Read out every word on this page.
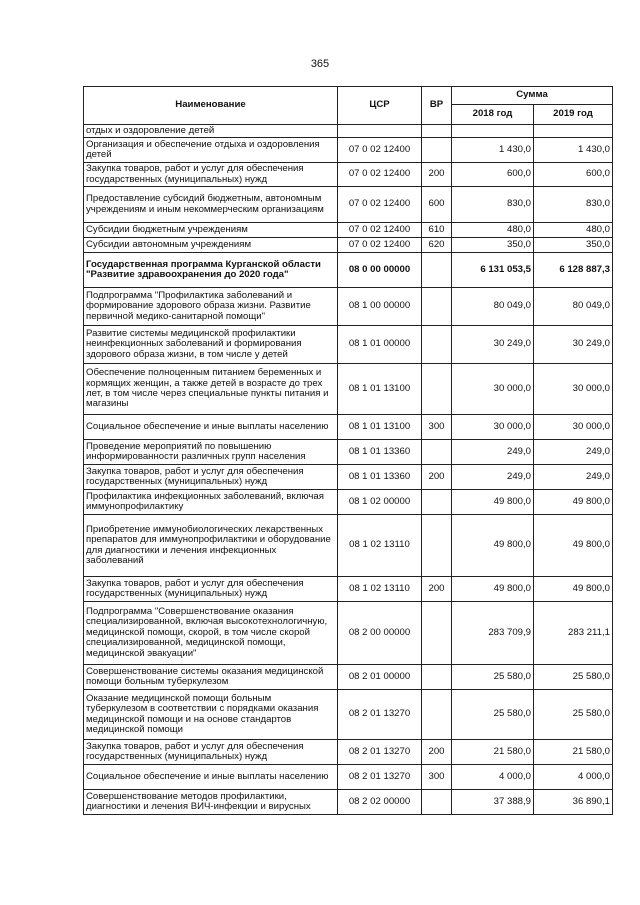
365
Наименование	ЦСР	ВР	Сумма	
			2018 год	2019 год
отдых и оздоровление детей				
Организация и обеспечение отдыха и оздоровления детей	07 0 02 12400		1 430,0	1 430,0
Закупка товаров, работ и услуг для обеспечения государственных (муниципальных) нужд	07 0 02 12400	200	600,0	600,0
Предоставление субсидий бюджетным, автономным учреждениям и иным некоммерческим организациям	07 0 02 12400	600	830,0	830,0
Субсидии бюджетным учреждениям	07 0 02 12400	610	480,0	480,0
Субсидии автономным учреждениям	07 0 02 12400	620	350,0	350,0
Государственная программа Курганской области "Развитие здравоохранения до 2020 года"	08 0 00 00000		6 131 053,5	6 128 887,3
Подпрограмма "Профилактика заболеваний и формирование здорового образа жизни. Развитие первичной медико-санитарной помощи"	08 1 00 00000		80 049,0	80 049,0
Развитие системы медицинской профилактики неинфекционных заболеваний и формирования здорового образа жизни, в том числе у детей	08 1 01 00000		30 249,0	30 249,0
Обеспечение полноценным питанием беременных и кормящих женщин, а также детей в возрасте до трех лет, в том числе через специальные пункты питания и магазины	08 1 01 13100		30 000,0	30 000,0
Социальное обеспечение и иные выплаты населению	08 1 01 13100	300	30 000,0	30 000,0
Проведение мероприятий по повышению информированности различных групп населения	08 1 01 13360		249,0	249,0
Закупка товаров, работ и услуг для обеспечения государственных (муниципальных) нужд	08 1 01 13360	200	249,0	249,0
Профилактика инфекционных заболеваний, включая иммунопрофилактику	08 1 02 00000		49 800,0	49 800,0
Приобретение иммунобиологических лекарственных препаратов для иммунопрофилактики и оборудование для диагностики и лечения инфекционных заболеваний	08 1 02 13110		49 800,0	49 800,0
Закупка товаров, работ и услуг для обеспечения государственных (муниципальных) нужд	08 1 02 13110	200	49 800,0	49 800,0
Подпрограмма "Совершенствование оказания специализированной, включая высокотехнологичную, медицинской помощи, скорой, в том числе скорой специализированной, медицинской помощи, медицинской эвакуации"	08 2 00 00000		283 709,9	283 211,1
Совершенствование системы оказания медицинской помощи больным туберкулезом	08 2 01 00000		25 580,0	25 580,0
Оказание медицинской помощи больным туберкулезом в соответствии с порядками оказания медицинской помощи и на основе стандартов медицинской помощи	08 2 01 13270		25 580,0	25 580,0
Закупка товаров, работ и услуг для обеспечения государственных (муниципальных) нужд	08 2 01 13270	200	21 580,0	21 580,0
Социальное обеспечение и иные выплаты населению	08 2 01 13270	300	4 000,0	4 000,0
Совершенствование методов профилактики, диагностики и лечения ВИЧ-инфекции и вирусных	08 2 02 00000		37 388,9	36 890,1
